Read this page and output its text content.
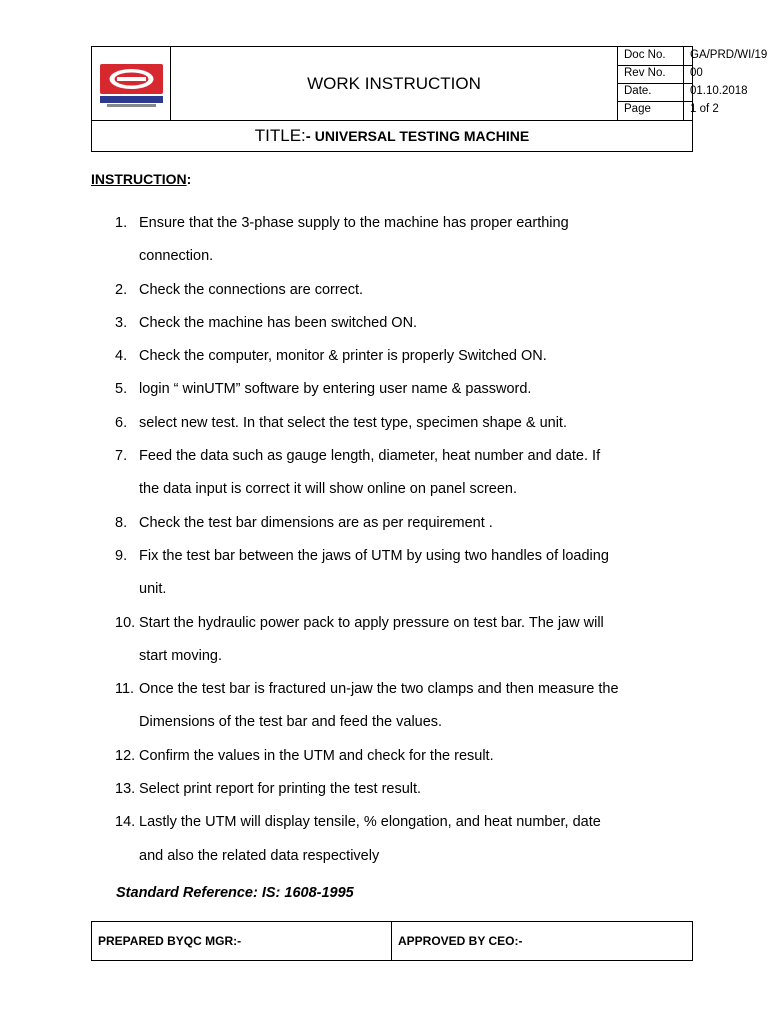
WORK INSTRUCTION
Doc No. GA/PRD/WI/19
Rev No. 00
Date.	01.10.2018
Page	1 of 2
TITLE: - UNIVERSAL TESTING MACHINE
INSTRUCTION:
1. Ensure that the 3-phase supply to the machine has proper earthing
connection.
2. Check the connections are correct.
3. Check the machine has been switched ON.
4. Check the computer, monitor & printer is properly Switched ON.
5. login “ winUTM” software by entering user name & password.
6. select new test. In that select the test type, specimen shape & unit.
7. Feed the data such as gauge length, diameter, heat number and date. If
the data input is correct it will show online on panel screen.
8. Check the test bar dimensions are as per requirement .
9. Fix the test bar between the jaws of UTM by using two handles of loading
unit.
10. Start the hydraulic power pack to apply pressure on test bar. The jaw will
start moving.
11. Once the test bar is fractured un-jaw the two clamps and then measure the
Dimensions of the test bar and feed the values.
12. Confirm the values in the UTM and check for the result.
13. Select print report for printing the test result.
14. Lastly the UTM will display tensile, % elongation, and heat number, date
and also the related data respectively
Standard Reference: IS: 1608-1995
PREPARED BYQC MGR:-	APPROVED BY CEO:-
